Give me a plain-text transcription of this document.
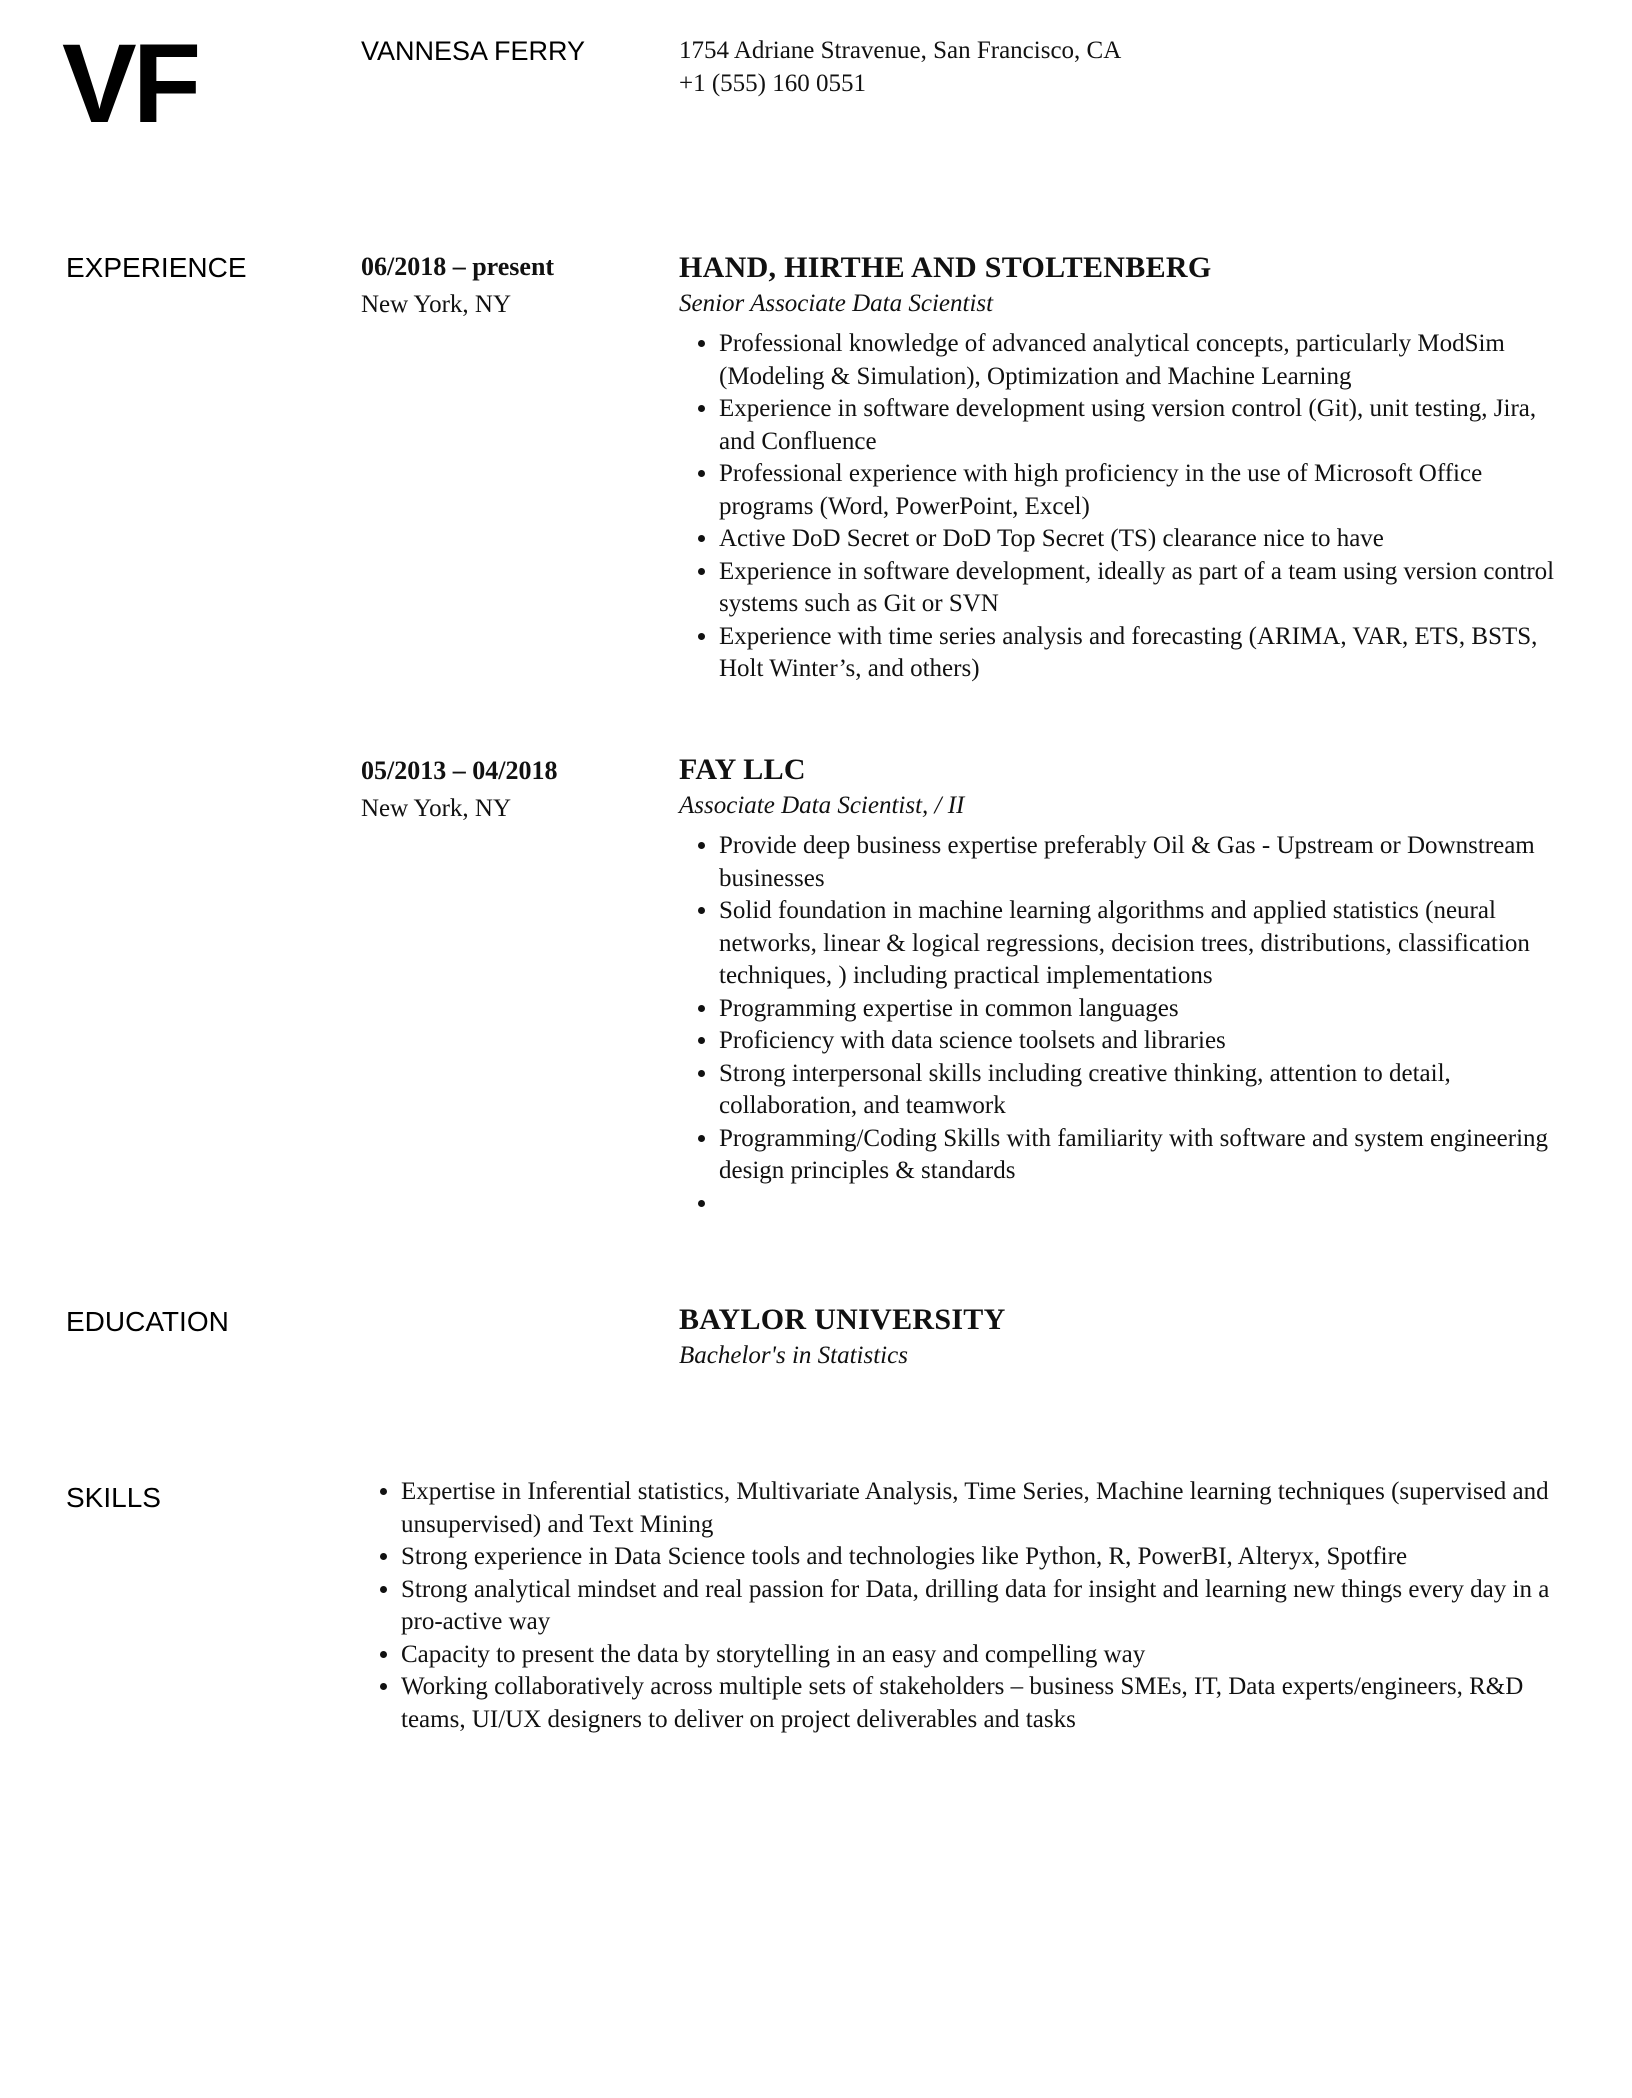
VF	VANNESA FERRY	1754 Adriane Stravenue, San Francisco, CA
+1 (555) 160 0551
EXPERIENCE	06/2018 – present
New York, NY
HAND, HIRTHE AND STOLTENBERG
Senior Associate Data Scientist
• Professional knowledge of advanced analytical concepts, particularly ModSim (Modeling & Simulation), Optimization and Machine Learning
• Experience in software development using version control (Git), unit testing, Jira, and Confluence
• Professional experience with high proficiency in the use of Microsoft Office programs (Word, PowerPoint, Excel)
• Active DoD Secret or DoD Top Secret (TS) clearance nice to have
• Experience in software development, ideally as part of a team using version control systems such as Git or SVN
• Experience with time series analysis and forecasting (ARIMA, VAR, ETS, BSTS, Holt Winter’s, and others)
05/2013 – 04/2018
New York, NY
FAY LLC
Associate Data Scientist, / II
• Provide deep business expertise preferably Oil & Gas - Upstream or Downstream businesses
• Solid foundation in machine learning algorithms and applied statistics (neural networks, linear & logical regressions, decision trees, distributions, classification techniques, ) including practical implementations
• Programming expertise in common languages
• Proficiency with data science toolsets and libraries
• Strong interpersonal skills including creative thinking, attention to detail, collaboration, and teamwork
• Programming/Coding Skills with familiarity with software and system engineering design principles & standards
•
EDUCATION	BAYLOR UNIVERSITY
Bachelor's in Statistics
SKILLS
•	Expertise in Inferential statistics, Multivariate Analysis, Time Series, Machine learning techniques (supervised and unsupervised) and Text Mining
• Strong experience in Data Science tools and technologies like Python, R, PowerBI, Alteryx, Spotfire
• Strong analytical mindset and real passion for Data, drilling data for insight and learning new things every day in a pro-active way
• Capacity to present the data by storytelling in an easy and compelling way
• Working collaboratively across multiple sets of stakeholders – business SMEs, IT, Data experts/engineers, R&D teams, UI/UX designers to deliver on project deliverables and tasks
